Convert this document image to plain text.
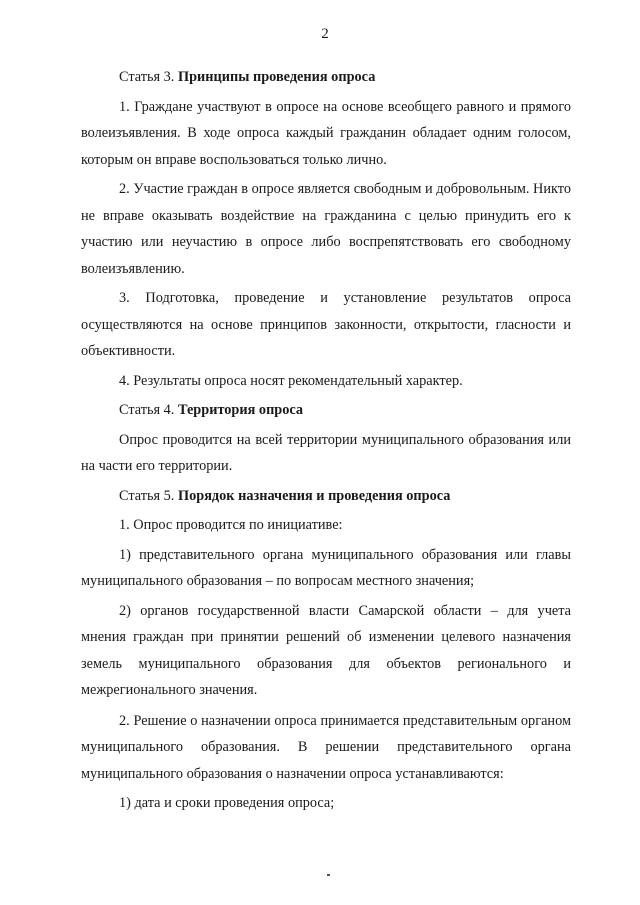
2

Статья 3. Принципы проведения опроса

1. Граждане участвуют в опросе на основе всеобщего равного и прямого волеизъявления. В ходе опроса каждый гражданин обладает одним голосом, которым он вправе воспользоваться только лично.

2. Участие граждан в опросе является свободным и добровольным. Никто не вправе оказывать воздействие на гражданина с целью принудить его к участию или неучастию в опросе либо воспрепятствовать его свободному волеизъявлению.

3. Подготовка, проведение и установление результатов опроса осуществляются на основе принципов законности, открытости, гласности и объективности.

4. Результаты опроса носят рекомендательный характер.

Статья 4. Территория опроса

Опрос проводится на всей территории муниципального образования или на части его территории.

Статья 5. Порядок назначения и проведения опроса

1. Опрос проводится по инициативе:

1) представительного органа муниципального образования или главы муниципального образования – по вопросам местного значения;

2) органов государственной власти Самарской области – для учета мнения граждан при принятии решений об изменении целевого назначения земель муниципального образования для объектов регионального и межрегионального значения.

2. Решение о назначении опроса принимается представительным органом муниципального образования. В решении представительного органа муниципального образования о назначении опроса устанавливаются:

1) дата и сроки проведения опроса;
